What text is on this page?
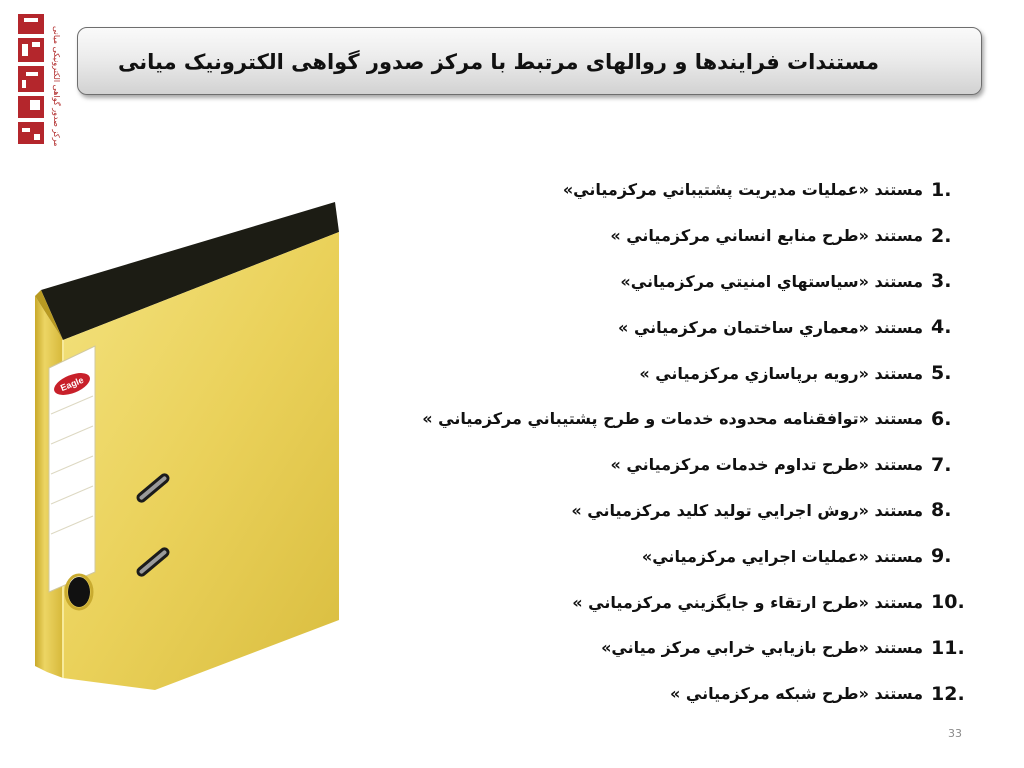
مرکز صدور گواهی الکترونیکی میانی	مستندات فرایندها و روالهای مرتبط با مرکز صدور گواهی الکترونیک میانی
Eagle
1.
مستند «عمليات مديريت پشتيباني مركزمياني»
2.
مستند «طرح منابع انساني مركزمياني »
3.
مستند «سياستهاي امنيتي مركزمياني»
4.
مستند «معماري ساختمان مركزمياني »
5.
مستند «رويه برپاسازي مركزمياني »
6.
مستند «توافقنامه محدوده خدمات و طرح پشتيباني مركزمياني »
7.
مستند «طرح تداوم خدمات مركزمياني »
8.
مستند «روش اجرايي توليد كليد مركزمياني »
9.
مستند «عمليات اجرايي مركزمياني»
10.
مستند «طرح ارتقاء و جايگزيني مركزمياني »
11.
مستند «طرح بازيابي خرابي مركز مياني»
12.
مستند «طرح شبكه مركزمياني »
33
